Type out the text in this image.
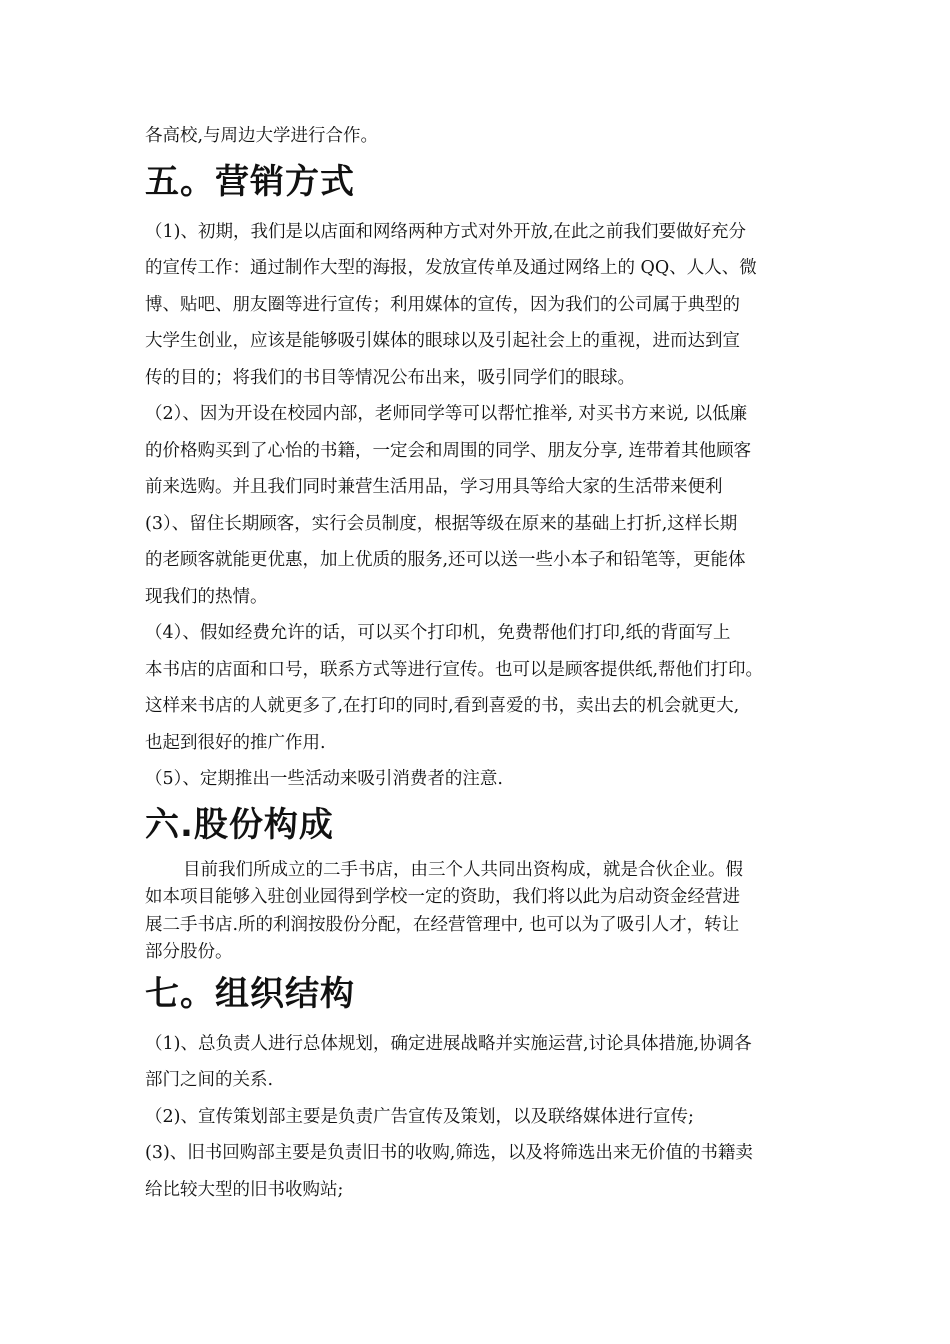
各高校,与周边大学进行合作。

五。营销方式

（1)、初期，我们是以店面和网络两种方式对外开放,在此之前我们要做好充分

的宣传工作：通过制作大型的海报，发放宣传单及通过网络上的 QQ、人人、微

博、贴吧、朋友圈等进行宣传；利用媒体的宣传，因为我们的公司属于典型的

大学生创业，应该是能够吸引媒体的眼球以及引起社会上的重视，进而达到宣

传的目的；将我们的书目等情况公布出来，吸引同学们的眼球。

（2）、因为开设在校园内部，老师同学等可以帮忙推举, 对买书方来说, 以低廉

的价格购买到了心怡的书籍，一定会和周围的同学、朋友分享, 连带着其他顾客

前来选购。并且我们同时兼营生活用品，学习用具等给大家的生活带来便利

(3）、留住长期顾客，实行会员制度，根据等级在原来的基础上打折,这样长期

的老顾客就能更优惠，加上优质的服务,还可以送一些小本子和铅笔等，更能体

现我们的热情。

（4）、假如经费允许的话，可以买个打印机，免费帮他们打印,纸的背面写上

本书店的店面和口号，联系方式等进行宣传。也可以是顾客提供纸,帮他们打印。

这样来书店的人就更多了,在打印的同时,看到喜爱的书，卖出去的机会就更大,

也起到很好的推广作用.

（5）、定期推出一些活动来吸引消费者的注意.

六.股份构成

目前我们所成立的二手书店，由三个人共同出资构成，就是合伙企业。假

如本项目能够入驻创业园得到学校一定的资助，我们将以此为启动资金经营进

展二手书店.所的利润按股份分配，在经营管理中, 也可以为了吸引人才，转让

部分股份。

七。组织结构

（1)、总负责人进行总体规划，确定进展战略并实施运营,讨论具体措施,协调各

部门之间的关系.

（2)、宣传策划部主要是负责广告宣传及策划，以及联络媒体进行宣传;

(3)、旧书回购部主要是负责旧书的收购,筛选，以及将筛选出来无价值的书籍卖

给比较大型的旧书收购站;
